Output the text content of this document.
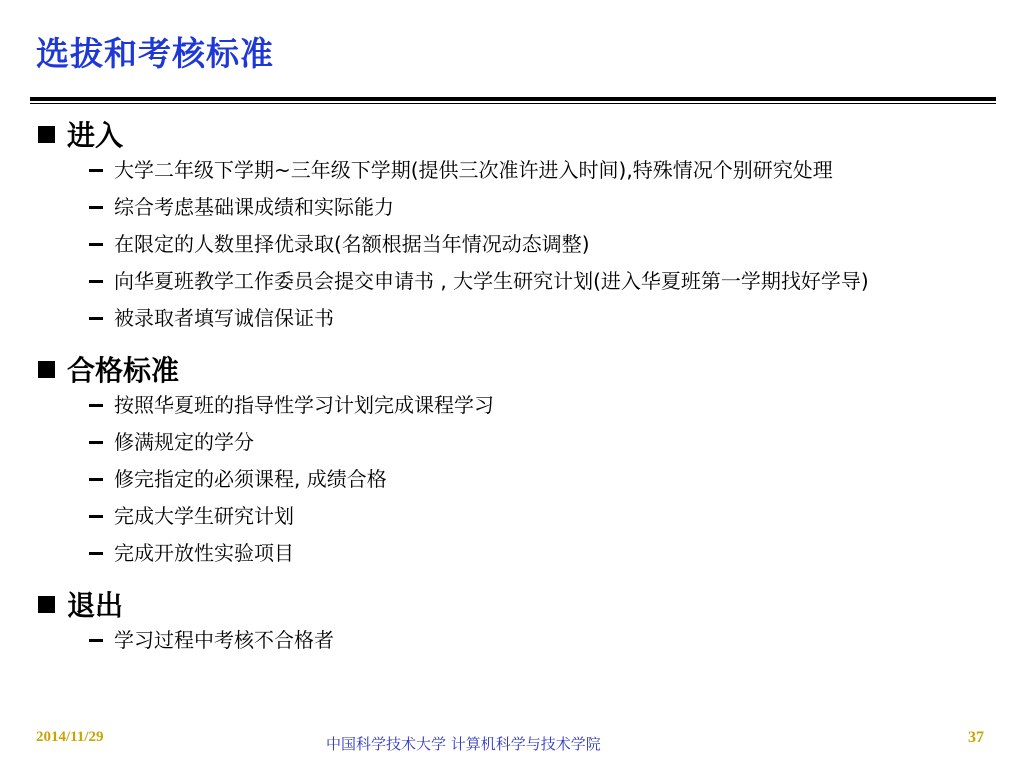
选拔和考核标准
进入
大学二年级下学期~三年级下学期(提供三次准许进入时间),特殊情况个别研究处理
综合考虑基础课成绩和实际能力
在限定的人数里择优录取(名额根据当年情况动态调整)
向华夏班教学工作委员会提交申请书 , 大学生研究计划(进入华夏班第一学期找好学导)
被录取者填写诚信保证书
合格标准
按照华夏班的指导性学习计划完成课程学习
修满规定的学分
修完指定的必须课程, 成绩合格
完成大学生研究计划
完成开放性实验项目
退出
学习过程中考核不合格者
2014/11/29	中国科学技术大学 计算机科学与技术学院	37
